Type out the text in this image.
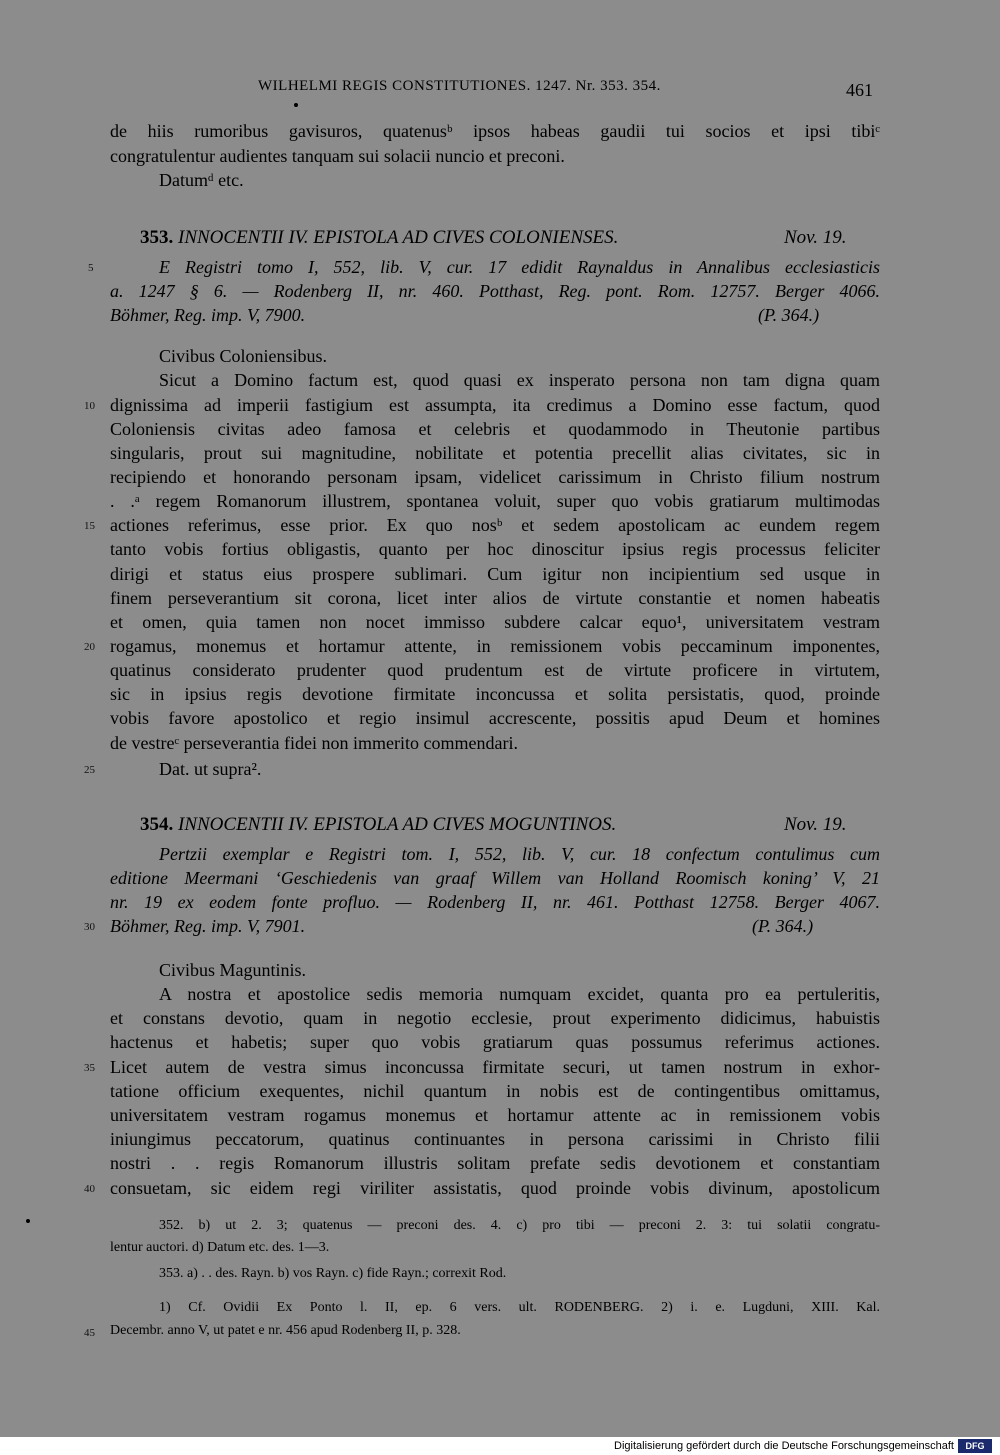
WILHELMI REGIS CONSTITUTIONES. 1247. Nr. 353. 354.	461
de hiis rumoribus gavisuros, quatenusᵇ ipsos habeas gaudii tui socios et ipsi tibiᶜ
congratulentur audientes tanquam sui solacii nuncio et preconi.
Datumᵈ etc.
353. INNOCENTII IV. EPISTOLA AD CIVES COLONIENSES.	Nov. 19.
E Registri tomo I, 552, lib. V, cur. 17 edidit Raynaldus in Annalibus ecclesiasticis
a. 1247 § 6. — Rodenberg II, nr. 460. Potthast, Reg. pont. Rom. 12757. Berger 4066.
Böhmer, Reg. imp. V, 7900.	(P. 364.)
Civibus Coloniensibus.
Sicut a Domino factum est, quod quasi ex insperato persona non tam digna quam
dignissima ad imperii fastigium est assumpta, ita credimus a Domino esse factum, quod
Coloniensis civitas adeo famosa et celebris et quodammodo in Theutonie partibus
singularis, prout sui magnitudine, nobilitate et potentia precellit alias civitates, sic in
recipiendo et honorando personam ipsam, videlicet carissimum in Christo filium nostrum
. .ᵃ regem Romanorum illustrem, spontanea voluit, super quo vobis gratiarum multimodas
actiones referimus, esse prior. Ex quo nosᵇ et sedem apostolicam ac eundem regem
tanto vobis fortius obligastis, quanto per hoc dinoscitur ipsius regis processus feliciter
dirigi et status eius prospere sublimari. Cum igitur non incipientium sed usque in
finem perseverantium sit corona, licet inter alios de virtute constantie et nomen habeatis
et omen, quia tamen non nocet immisso subdere calcar equo¹, universitatem vestram
rogamus, monemus et hortamur attente, in remissionem vobis peccaminum imponentes,
quatinus considerato prudenter quod prudentum est de virtute proficere in virtutem,
sic in ipsius regis devotione firmitate inconcussa et solita persistatis, quod, proinde
vobis favore apostolico et regio insimul accrescente, possitis apud Deum et homines
de vestreᶜ perseverantia fidei non immerito commendari.
Dat. ut supra².
354. INNOCENTII IV. EPISTOLA AD CIVES MOGUNTINOS.	Nov. 19.
Pertzii exemplar e Registri tom. I, 552, lib. V, cur. 18 confectum contulimus cum
editione Meermani ‘Geschiedenis van graaf Willem van Holland Roomisch koning’ V, 21
nr. 19 ex eodem fonte profluo. — Rodenberg II, nr. 461. Potthast 12758. Berger 4067.
Böhmer, Reg. imp. V, 7901.	(P. 364.)
Civibus Maguntinis.
A nostra et apostolice sedis memoria numquam excidet, quanta pro ea pertuleritis,
et constans devotio, quam in negotio ecclesie, prout experimento didicimus, habuistis
hactenus et habetis; super quo vobis gratiarum quas possumus referimus actiones.
Licet autem de vestra simus inconcussa firmitate securi, ut tamen nostrum in exhor-
tatione officium exequentes, nichil quantum in nobis est de contingentibus omittamus,
universitatem vestram rogamus monemus et hortamur attente ac in remissionem vobis
iniungimus peccatorum, quatinus continuantes in persona carissimi in Christo filii
nostri . . regis Romanorum illustris solitam prefate sedis devotionem et constantiam
consuetam, sic eidem regi viriliter assistatis, quod proinde vobis divinum, apostolicum
352. b) ut 2. 3; quatenus — preconi des. 4. c) pro tibi — preconi 2. 3: tui solatii congratu-
lentur auctori. d) Datum etc. des. 1—3.
353. a) . . des. Rayn. b) vos Rayn. c) fide Rayn.; correxit Rod.
1) Cf. Ovidii Ex Ponto l. II, ep. 6 vers. ult. RODENBERG. 2) i. e. Lugduni, XIII. Kal.
Decembr. anno V, ut patet e nr. 456 apud Rodenberg II, p. 328.
5
10
15
20
25
30
35
40
45
Digitalisierung gefördert durch die Deutsche Forschungsgemeinschaft	DFG
